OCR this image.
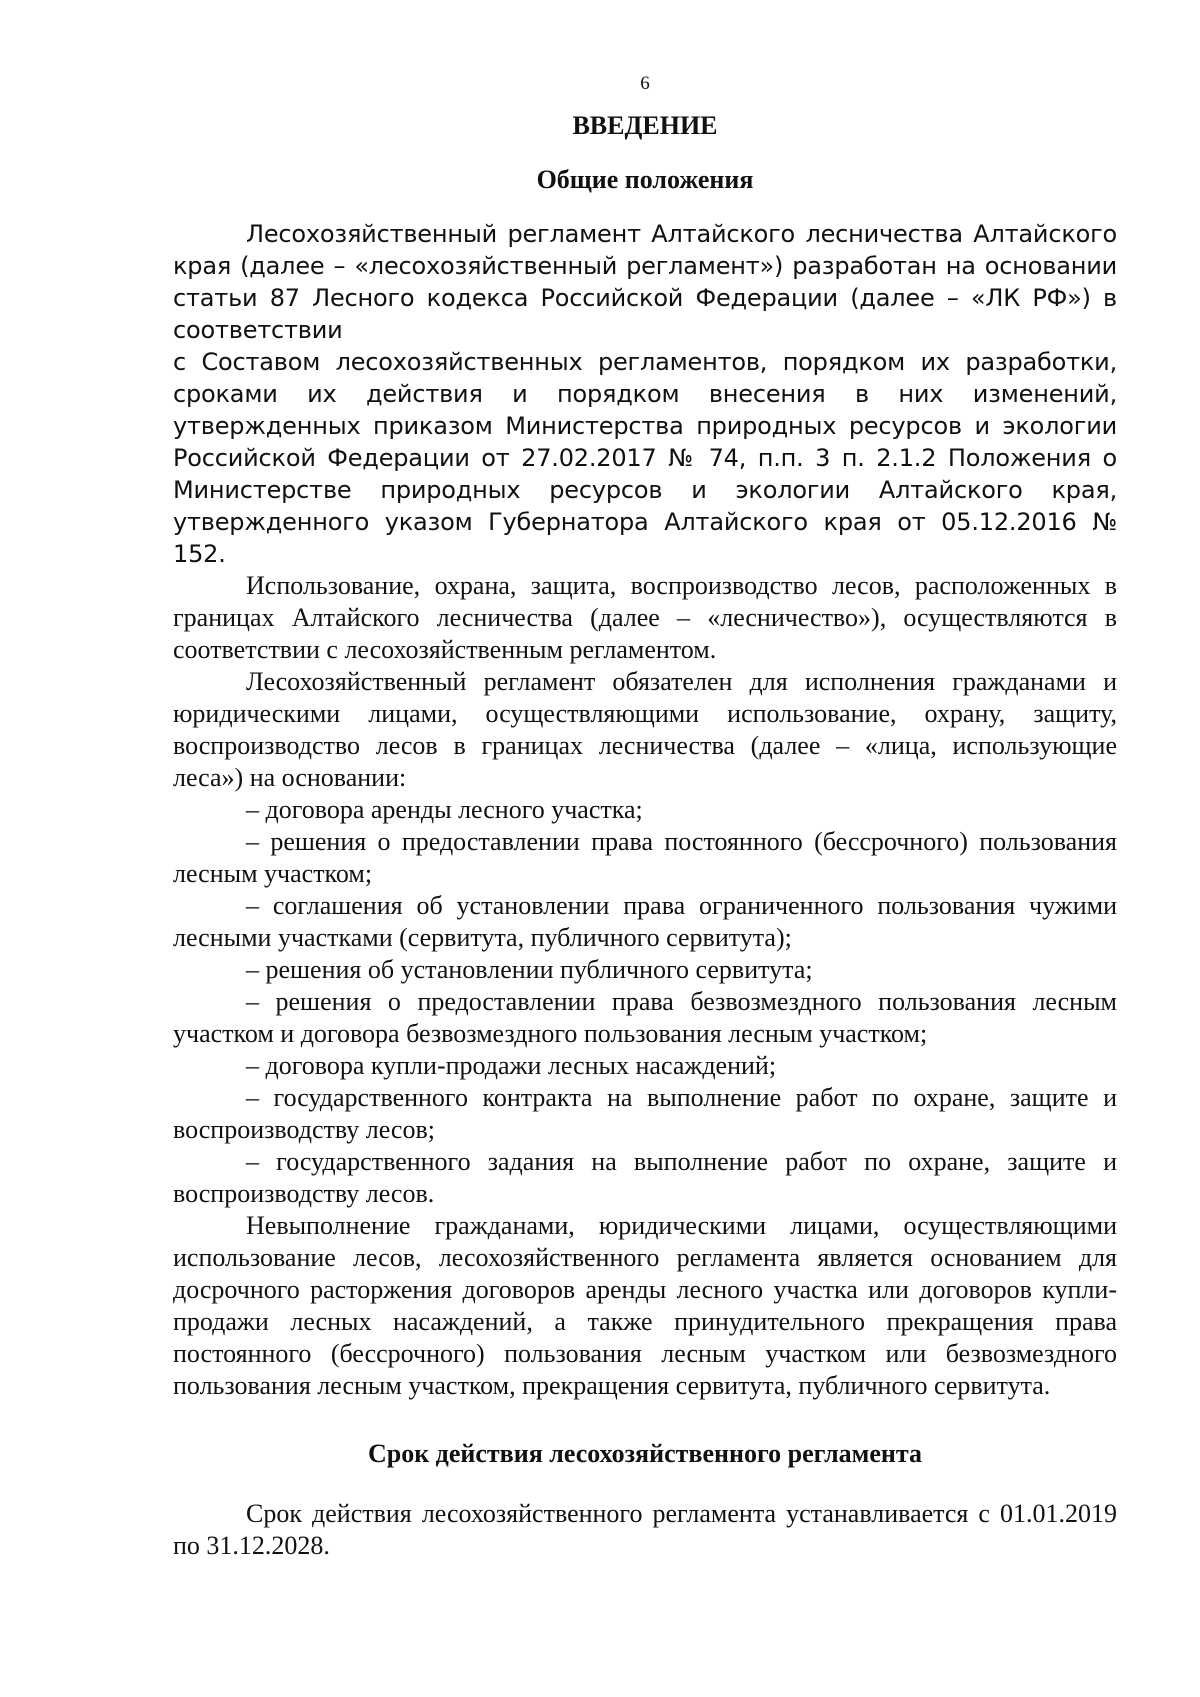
6
ВВЕДЕНИЕ
Общие положения

Лесохозяйственный регламент Алтайского лесничества Алтайского края (далее – «лесохозяйственный регламент») разработан на основании статьи 87 Лесного кодекса Российской Федерации (далее – «ЛК РФ») в соответствии

с Составом лесохозяйственных регламентов, порядком их разработки, сроками их действия и порядком внесения в них изменений, утвержденных приказом Министерства природных ресурсов и экологии Российской Федерации от 27.02.2017 № 74, п.п. 3 п. 2.1.2 Положения о Министерстве природных ресурсов и экологии Алтайского края, утвержденного указом Губернатора Алтайского края от 05.12.2016 № 152.

Использование, охрана, защита, воспроизводство лесов, расположенных в границах Алтайского лесничества (далее – «лесничество»), осуществляются в соответствии с лесохозяйственным регламентом.

Лесохозяйственный регламент обязателен для исполнения гражданами и юридическими лицами, осуществляющими использование, охрану, защиту, воспроизводство лесов в границах лесничества (далее – «лица, использующие леса») на основании:

– договора аренды лесного участка;

– решения о предоставлении права постоянного (бессрочного) пользования лесным участком;

– соглашения об установлении права ограниченного пользования чужими лесными участками (сервитута, публичного сервитута);

– решения об установлении публичного сервитута;

– решения о предоставлении права безвозмездного пользования лесным участком и договора безвозмездного пользования лесным участком;

– договора купли-продажи лесных насаждений;

– государственного контракта на выполнение работ по охране, защите и воспроизводству лесов;

– государственного задания на выполнение работ по охране, защите и воспроизводству лесов.

Невыполнение гражданами, юридическими лицами, осуществляющими использование лесов, лесохозяйственного регламента является основанием для досрочного расторжения договоров аренды лесного участка или договоров купли-продажи лесных насаждений, а также принудительного прекращения права постоянного (бессрочного) пользования лесным участком или безвозмездного пользования лесным участком, прекращения сервитута, публичного сервитута.

Срок действия лесохозяйственного регламента

Срок действия лесохозяйственного регламента устанавливается с 01.01.2019 по 31.12.2028.
